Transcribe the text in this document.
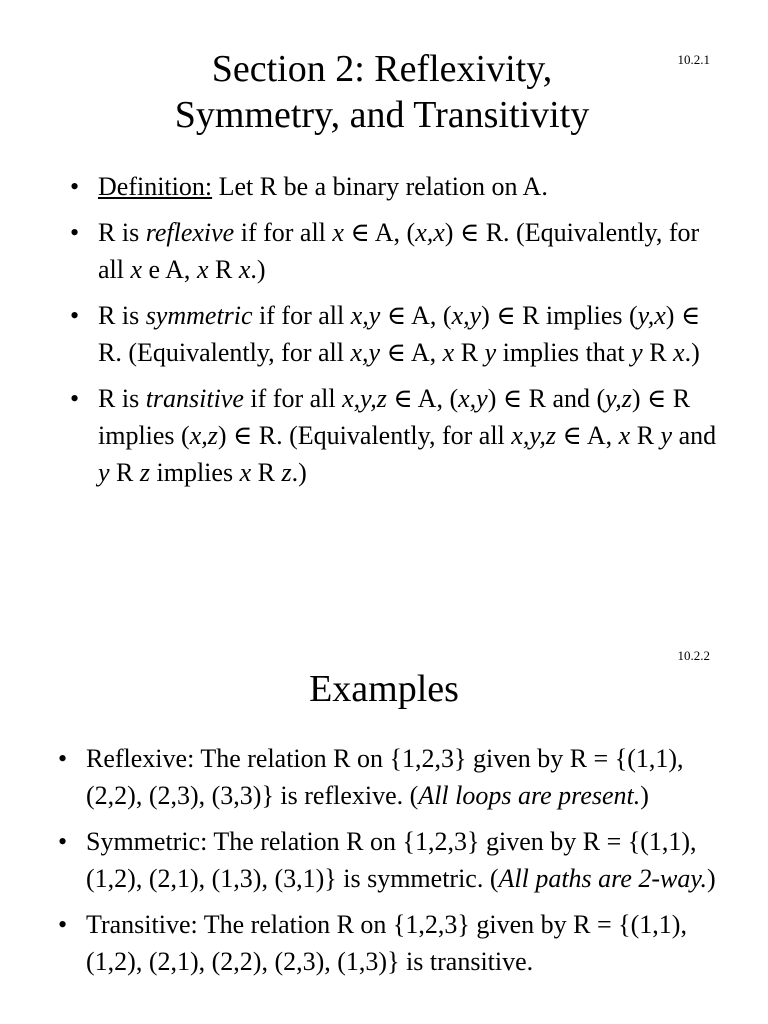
10.2.1
Section 2: Reflexivity,
Symmetry, and Transitivity
• Definition: Let R be a binary relation on A.
• R is reflexive if for all x ∈ A, (x,x) ∈ R. (Equivalently, for all x e A, x R x.)
• R is symmetric if for all x,y ∈ A, (x,y) ∈ R implies (y,x) ∈ R. (Equivalently, for all x,y ∈ A, x R y implies that y R x.)
• R is transitive if for all x,y,z ∈ A, (x,y) ∈ R and (y,z) ∈ R implies (x,z) ∈ R. (Equivalently, for all x,y,z ∈ A, x R y and y R z implies x R z.)
10.2.2
Examples
• Reflexive: The relation R on {1,2,3} given by R = {(1,1), (2,2), (2,3), (3,3)} is reflexive. (All loops are present.)
• Symmetric: The relation R on {1,2,3} given by R = {(1,1), (1,2), (2,1), (1,3), (3,1)} is symmetric. (All paths are 2-way.)
• Transitive: The relation R on {1,2,3} given by R = {(1,1), (1,2), (2,1), (2,2), (2,3), (1,3)} is transitive.
